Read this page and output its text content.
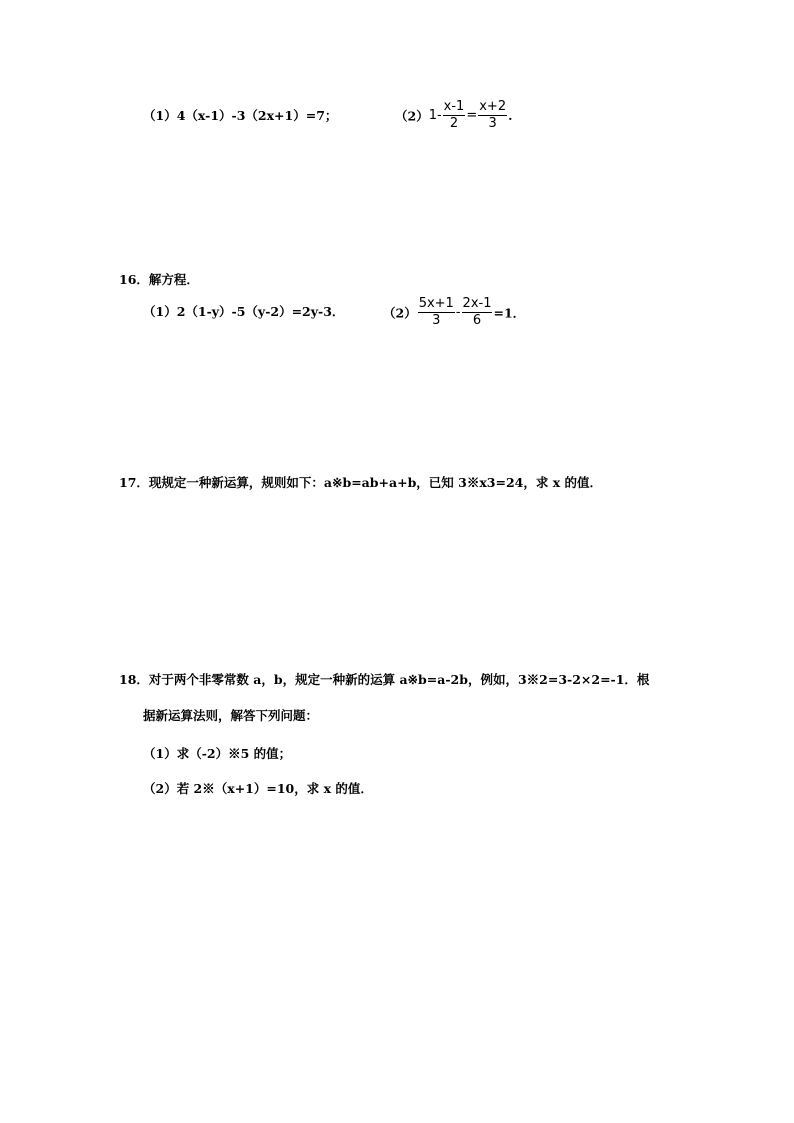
（1）4（x-1）-3（2x+1）=7；	$(2)1- \frac{x-1}{2} = \frac{x+2}{3}$ .
16．解方程．
（1）2（1-y）-5（y-2）=2y-3．	$(2) \frac{5x+1}{3} - \frac{2x-1}{6} =1$．
17．现规定一种新运算，规则如下：a※b=ab+a+b，已知 3※x3=24，求 x 的值．
18．对于两个非零常数 a，b，规定一种新的运算 a※b=a-2b，例如，3※2=3-2×2=-1．根
据新运算法则，解答下列问题：
（1）求（-2）※5 的值；
（2）若 2※（x+1）=10，求 x 的值．
